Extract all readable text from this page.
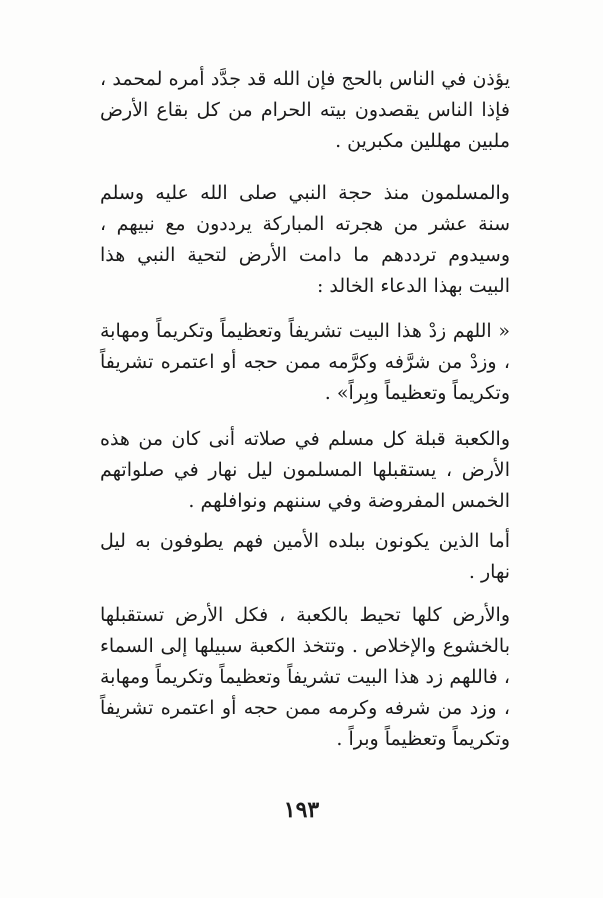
يؤذن في الناس بالحج فإن الله قد جدَّد أمره لمحمد ، فإذا الناس يقصدون بيته الحرام من كل بقاع الأرض ملبين مهللين مكبرين .
والمسلمون منذ حجة النبي صلى الله عليه وسلم سنة عشر من هجرته المباركة يرددون مع نبيهم ، وسيدوم ترددهم ما دامت الأرض لتحية النبي هذا البيت بهذا الدعاء الخالد :
« اللهم زدْ هذا البيت تشريفاً وتعظيماً وتكريماً ومهابة ، وزدْ من شرَّفه وكرَّمه ممن حجه أو اعتمره تشريفاً وتكريماً وتعظيماً وبِراً» .
والكعبة قبلة كل مسلم في صلاته أنى كان من هذه الأرض ، يستقبلها المسلمون ليل نهار في صلواتهم الخمس المفروضة وفي سننهم ونوافلهم .
أما الذين يكونون ببلده الأمين فهم يطوفون به ليل نهار .
والأرض كلها تحيط بالكعبة ، فكل الأرض تستقبلها بالخشوع والإخلاص . وتتخذ الكعبة سبيلها إلى السماء ، فاللهم زد هذا البيت تشريفاً وتعظيماً وتكريماً ومهابة ، وزد من شرفه وكرمه ممن حجه أو اعتمره تشريفاً وتكريماً وتعظيماً وبراً .
١٩٣
